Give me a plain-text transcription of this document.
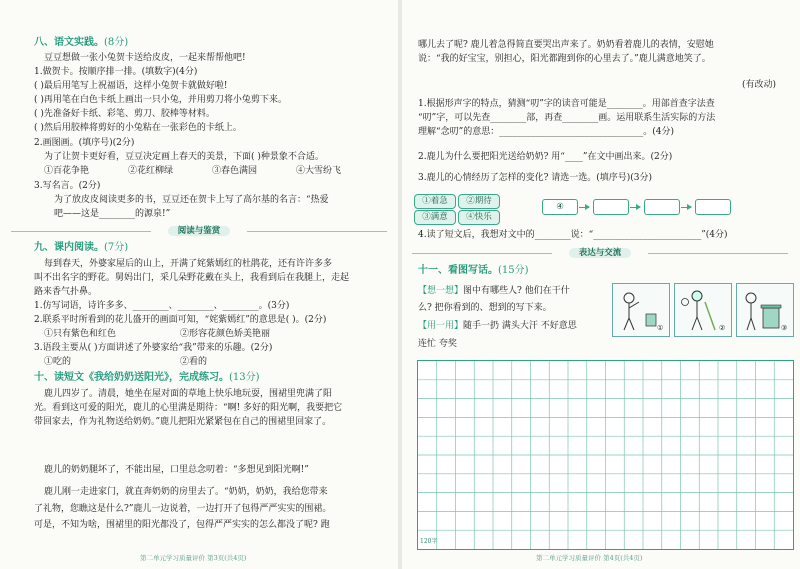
八、语文实践。(8分)
豆豆想做一张小兔贺卡送给皮皮，一起来帮帮他吧!
1.做贺卡。按顺序排一排。(填数字)(4分)
( )最后用笔写上祝福语，这样小兔贺卡就做好啦!
( )再用笔在白色卡纸上画出一只小兔，并用剪刀将小兔剪下来。
( )先准备好卡纸、彩笔、剪刀、胶棒等材料。
( )然后用胶棒将剪好的小兔粘在一张彩色的卡纸上。
2.画图画。(填序号)(2分)
为了让贺卡更好看，豆豆决定画上春天的美景，下面( )种景象不合适。
①百花争艳	②花红柳绿	③春色满园	④大雪纷飞
3.写名言。(2分)
为了放皮皮阅读更多的书，豆豆还在贺卡上写了高尔基的名言：“热爱
吧——这是________的源泉!”
阅读与鉴赏
九、课内阅读。(7分)
每到春天，外婆家屋后的山上，开满了姹紫嫣红的杜鹃花，还有许许多多
叫不出名字的野花。舅妈出门，采几朵野花戴在头上，我看到后在我腿上，走起
路来香气扑鼻。
1.仿写词语，诗许多多、________、________、________。(3分)
2.联系平时所看到的花儿盛开的画面可知，“姹紫嫣红”的意思是( )。(2分)
①只有紫色和红色	②形容花颜色娇美艳丽
3.语段主要从( )方面讲述了外婆家给“我”带来的乐趣。(2分)
①吃的	②看的
十、读短文《我给奶奶送阳光》，完成练习。(13分)
鹿儿四岁了。清晨，她坐在屋对面的草地上快乐地玩耍，围裙里兜满了阳
光。看到这可爱的阳光，鹿儿的心里满是期待：“啊! 多好的阳光啊，我要把它
带回家去，作为礼物送给奶奶。”鹿儿把阳光紧紧包在自己的围裙里回家了。
鹿儿的奶奶腿坏了，不能出屋，口里总念叨着：“多想见到阳光啊!”
鹿儿刚一走进家门，就直奔奶奶的房里去了。“奶奶，奶奶，我给您带来
了礼物，您瞧这是什么?”鹿儿一边说着，一边打开了包得严严实实的围裙。
可是，不知为啥，围裙里的阳光都没了，包得严严实实的怎么都没了呢? 跑
第二单元学习质量评价 第3页(共4页)
哪儿去了呢? 鹿儿着急得简直要哭出声来了。奶奶看着鹿儿的表情，安慰她
说：“我的好宝宝，别担心，阳光都跑到你的心里去了。”鹿儿满意地笑了。
(有改动)
1.根据形声字的特点，猜测“叨”字的读音可能是________。用部首查字法查
“叨”字，可以先查________部，再查________画。运用联系生活实际的方法
理解“念叨”的意思：________________________________。(4分)
2.鹿儿为什么要把阳光送给奶奶? 用“____”在文中画出来。(2分)
3.鹿儿的心情经历了怎样的变化? 请选一选。(填序号)(3分)
①着急	②期待
③满意	④快乐
④
4.读了短文后，我想对文中的________说：“________________________”(4分)
表达与交流
十一、看图写话。(15分)
【想一想】图中有哪些人? 他们在干什
么? 把你看到的、想到的写下来。
【用一用】随手一扔 满头大汗 不好意思
连忙 夸奖
①	②	③
120字
第二单元学习质量评价 第4页(共4页)
